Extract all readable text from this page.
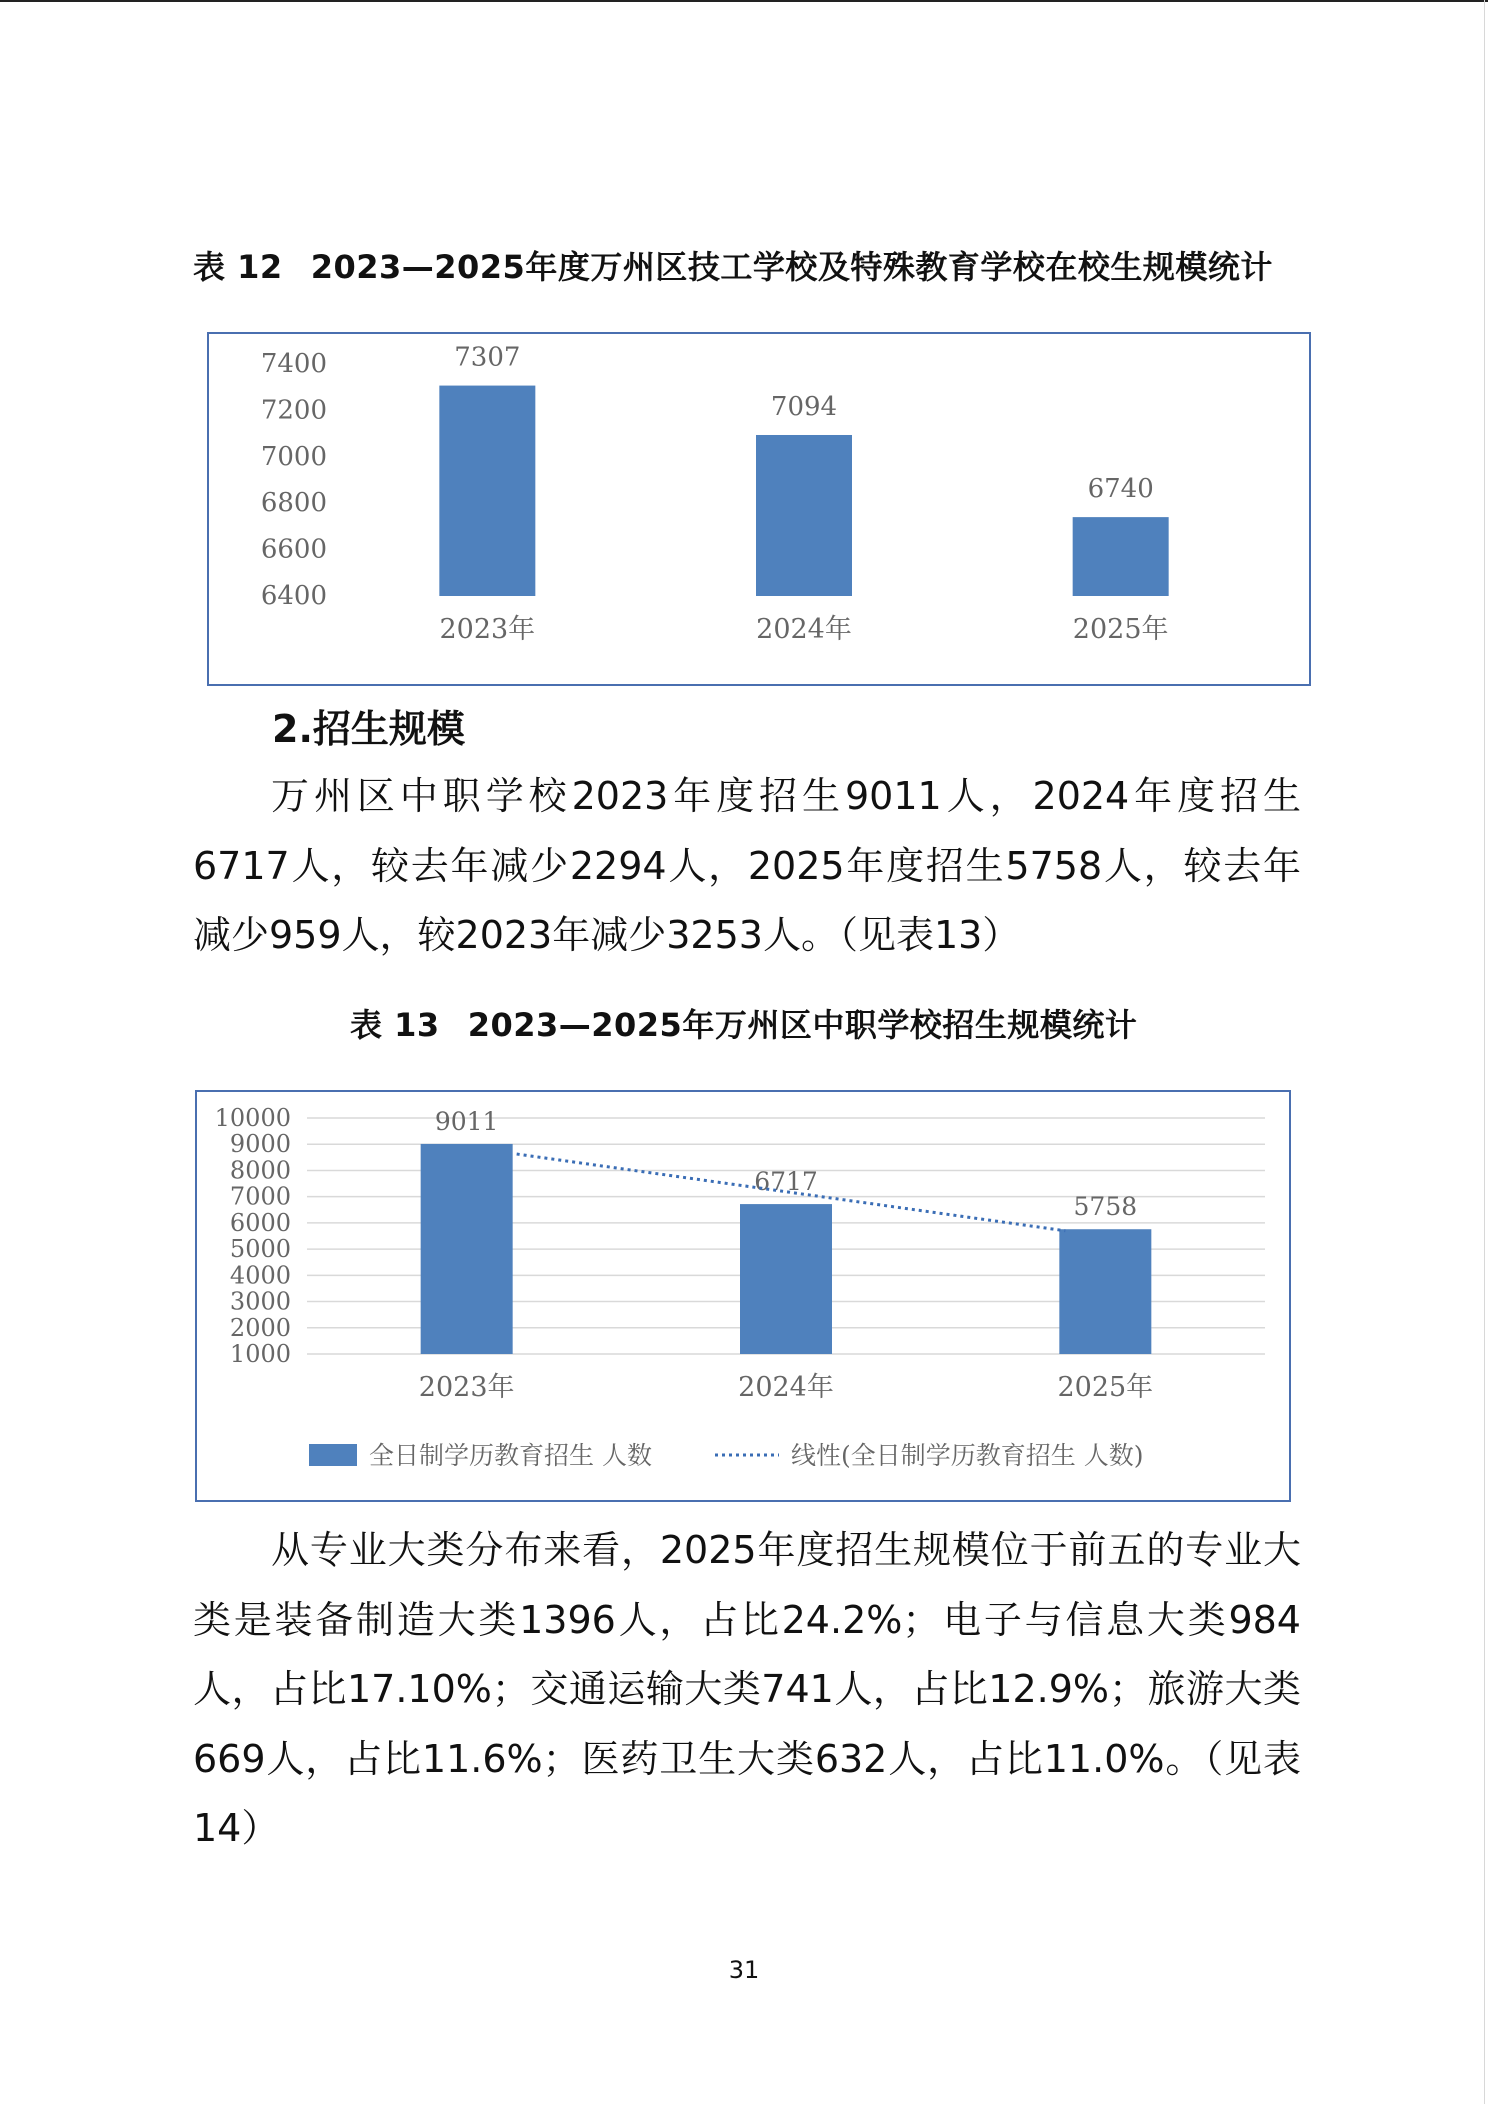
表 12 2023—2025年度万州区技工学校及特殊教育学校在校生规模统计
6400
6600
6800
7000
7200
7400	7307
2023年
7094
2024年
6740
2025年
2.招生规模

万州区中职学校2023年度招生9011人，2024年度招生6717人，较去年减少2294人，2025年度招生5758人，较去年减少959人，较2023年减少3253人。（见表13）

表 13 2023—2025年万州区中职学校招生规模统计
1000
2000
3000
4000
5000
6000
7000
8000
9000
10000	9011
2023年
6717
2024年
5758
2025年
全日制学历教育招生 人数	线性(全日制学历教育招生 人数)

从专业大类分布来看，2025年度招生规模位于前五的专业大类是装备制造大类1396人，占比24.2%；电子与信息大类984人，占比17.10%；交通运输大类741人，占比12.9%；旅游大类669人，占比11.6%；医药卫生大类632人，占比11.0%。（见表14）

31
